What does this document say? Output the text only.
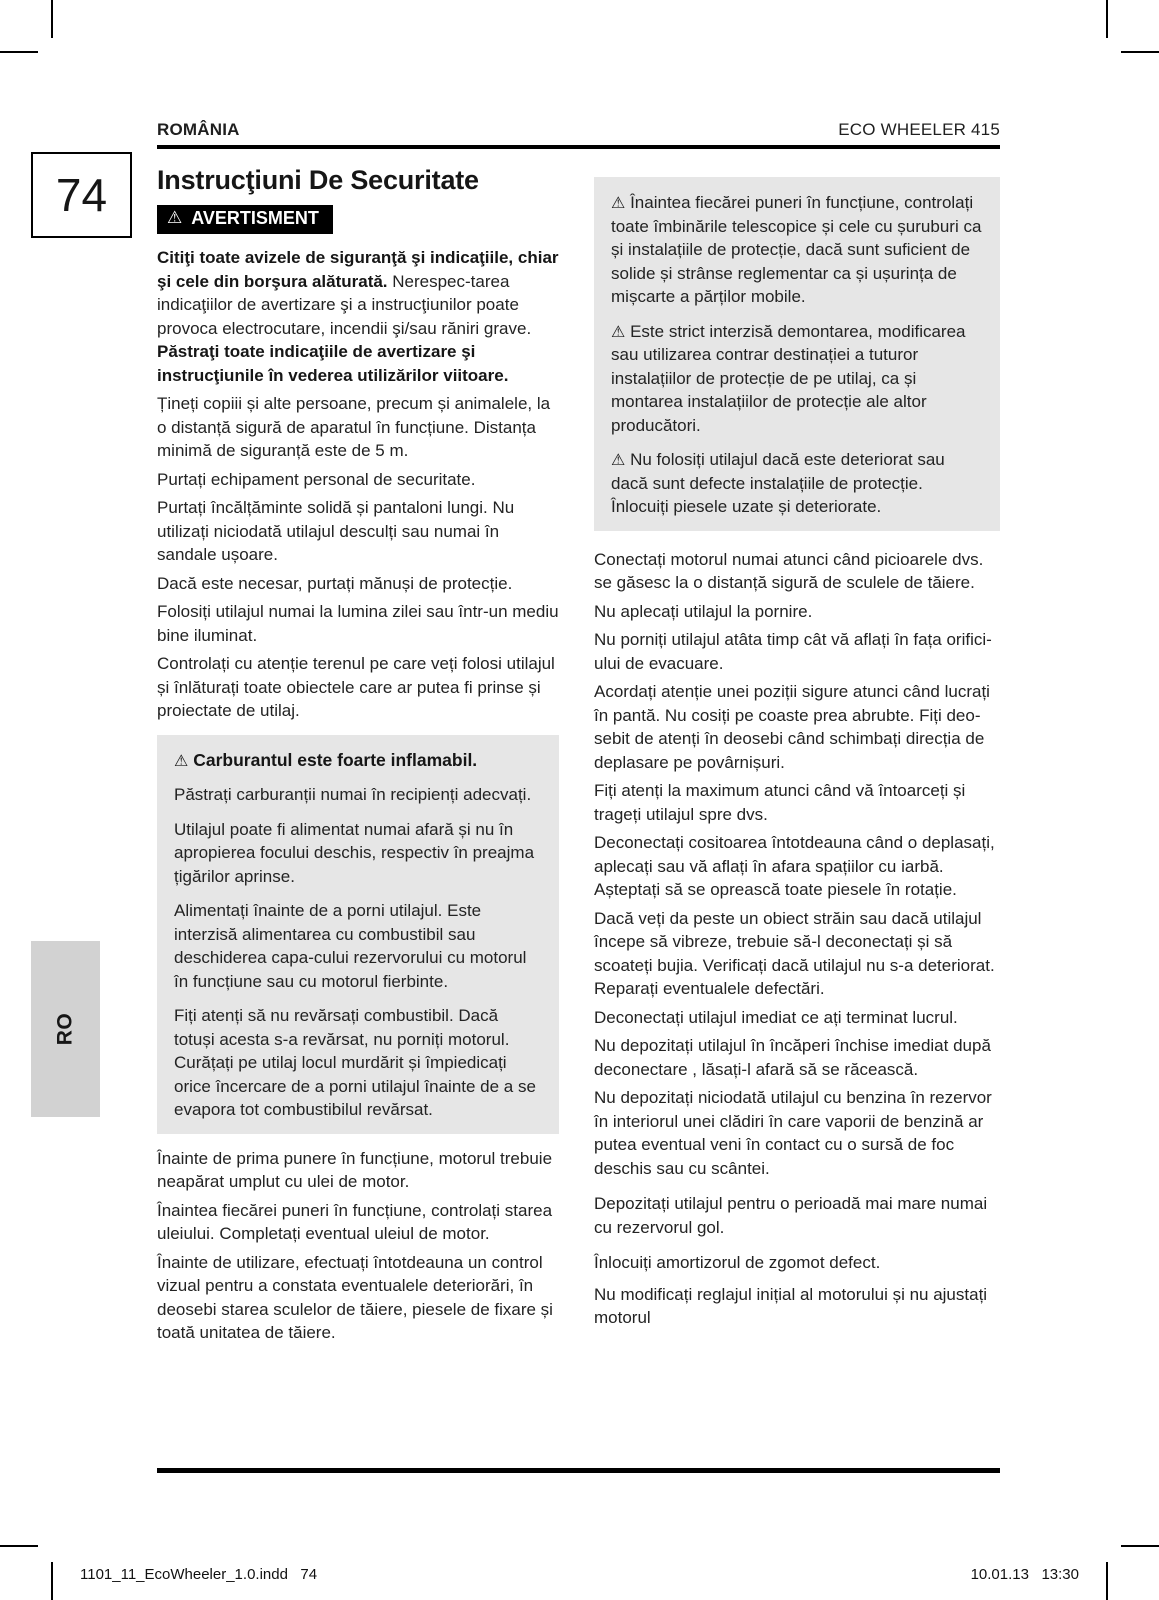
74
RO
ROMÂNIA	ECO WHEELER 415
Instrucţiuni De Securitate
⚠ AVERTISMENT

Citiţi toate avizele de siguranţă şi indicaţiile, chiar şi cele din borşura alăturată. Nerespec-tarea indicaţiilor de avertizare şi a instrucţiunilor poate provoca electrocutare, incendii şi/sau răniri grave. Păstraţi toate indicaţiile de avertizare şi instrucţiunile în vederea utilizărilor viitoare.

Țineți copiii și alte persoane, precum și animalele, la o distanță sigură de aparatul în funcțiune. Distanța minimă de siguranță este de 5 m.

Purtați echipament personal de securitate.

Purtați încălțăminte solidă și pantaloni lungi. Nu utilizați niciodată utilajul desculți sau numai în sandale ușoare.

Dacă este necesar, purtați mănuși de protecție.

Folosiți utilajul numai la lumina zilei sau într-un mediu bine iluminat.

Controlați cu atenție terenul pe care veți folosi utilajul și înlăturați toate obiectele care ar putea fi prinse și proiectate de utilaj.

⚠ Carburantul este foarte inflamabil.

Păstrați carburanții numai în recipienți adecvați.

Utilajul poate fi alimentat numai afară și nu în apropierea focului deschis, respectiv în preajma țigărilor aprinse.

Alimentați înainte de a porni utilajul. Este interzisă alimentarea cu combustibil sau deschiderea capa-cului rezervorului cu motorul în funcțiune sau cu motorul fierbinte.

Fiți atenți să nu revărsați combustibil. Dacă totuși acesta s-a revărsat, nu porniți motorul. Curățați pe utilaj locul murdărit și împiedicați orice încercare de a porni utilajul înainte de a se evapora tot combustibilul revărsat.

Înainte de prima punere în funcțiune, motorul trebuie neapărat umplut cu ulei de motor.

Înaintea fiecărei puneri în funcțiune, controlați starea uleiului. Completați eventual uleiul de motor.

Înainte de utilizare, efectuați întotdeauna un control vizual pentru a constata eventualele deteriorări, în deosebi starea sculelor de tăiere, piesele de fixare și toată unitatea de tăiere.

⚠ Înaintea fiecărei puneri în funcțiune, controlați toate îmbinările telescopice și cele cu șuruburi ca și instalațiile de protecție, dacă sunt suficient de solide și strânse reglementar ca și ușurința de mișcarte a părților mobile.

⚠ Este strict interzisă demontarea, modificarea sau utilizarea contrar destinației a tuturor instalațiilor de protecție de pe utilaj, ca și montarea instalațiilor de protecție ale altor producători.

⚠ Nu folosiți utilajul dacă este deteriorat sau dacă sunt defecte instalațiile de protecție. Înlocuiți piesele uzate și deteriorate.

Conectați motorul numai atunci când picioarele dvs. se găsesc la o distanță sigură de sculele de tăiere.

Nu aplecați utilajul la pornire.

Nu porniți utilajul atâta timp cât vă aflați în fața orifici-ului de evacuare.

Acordați atenție unei poziții sigure atunci când lucrați în pantă. Nu cosiți pe coaste prea abrubte. Fiți deo-sebit de atenți în deosebi când schimbați direcția de deplasare pe povârnișuri.

Fiți atenți la maximum atunci când vă întoarceți și trageți utilajul spre dvs.

Deconectați cositoarea întotdeauna când o deplasați, aplecați sau vă aflați în afara spațiilor cu iarbă. Așteptați să se oprească toate piesele în rotație.

Dacă veți da peste un obiect străin sau dacă utilajul începe să vibreze, trebuie să-l deconectați și să scoateți bujia. Verificați dacă utilajul nu s-a deteriorat. Reparați eventualele defectări.

Deconectați utilajul imediat ce ați terminat lucrul.

Nu depozitați utilajul în încăperi închise imediat după deconectare , lăsați-l afară să se răcească.

Nu depozitați niciodată utilajul cu benzina în rezervor în interiorul unei clădiri în care vaporii de benzină ar putea eventual veni în contact cu o sursă de foc deschis sau cu scântei.

Depozitați utilajul pentru o perioadă mai mare numai cu rezervorul gol.

Înlocuiți amortizorul de zgomot defect.

Nu modificați reglajul inițial al motorului și nu ajustați motorul

1101_11_EcoWheeler_1.0.indd   74	10.01.13   13:30
